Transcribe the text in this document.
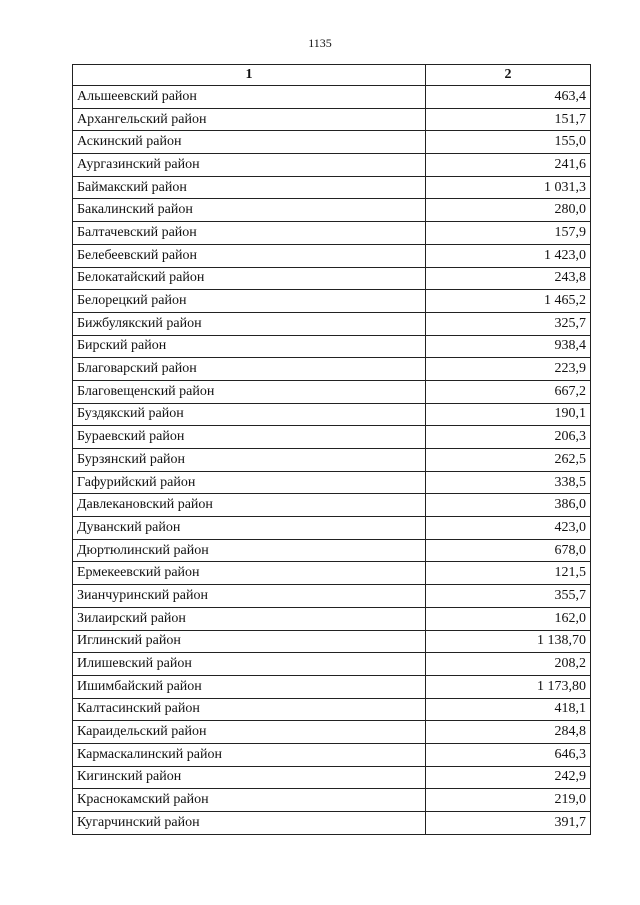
1135
1	2
Альшеевский район	463,4
Архангельский район	151,7
Аскинский район	155,0
Аургазинский район	241,6
Баймакский район	1 031,3
Бакалинский район	280,0
Балтачевский район	157,9
Белебеевский район	1 423,0
Белокатайский район	243,8
Белорецкий район	1 465,2
Бижбулякский район	325,7
Бирский район	938,4
Благоварский район	223,9
Благовещенский район	667,2
Буздякский район	190,1
Бураевский район	206,3
Бурзянский район	262,5
Гафурийский район	338,5
Давлекановский район	386,0
Дуванский район	423,0
Дюртюлинский район	678,0
Ермекеевский район	121,5
Зианчуринский район	355,7
Зилаирский район	162,0
Иглинский район	1 138,70
Илишевский район	208,2
Ишимбайский район	1 173,80
Калтасинский район	418,1
Караидельский район	284,8
Кармаскалинский район	646,3
Кигинский район	242,9
Краснокамский район	219,0
Кугарчинский район	391,7
